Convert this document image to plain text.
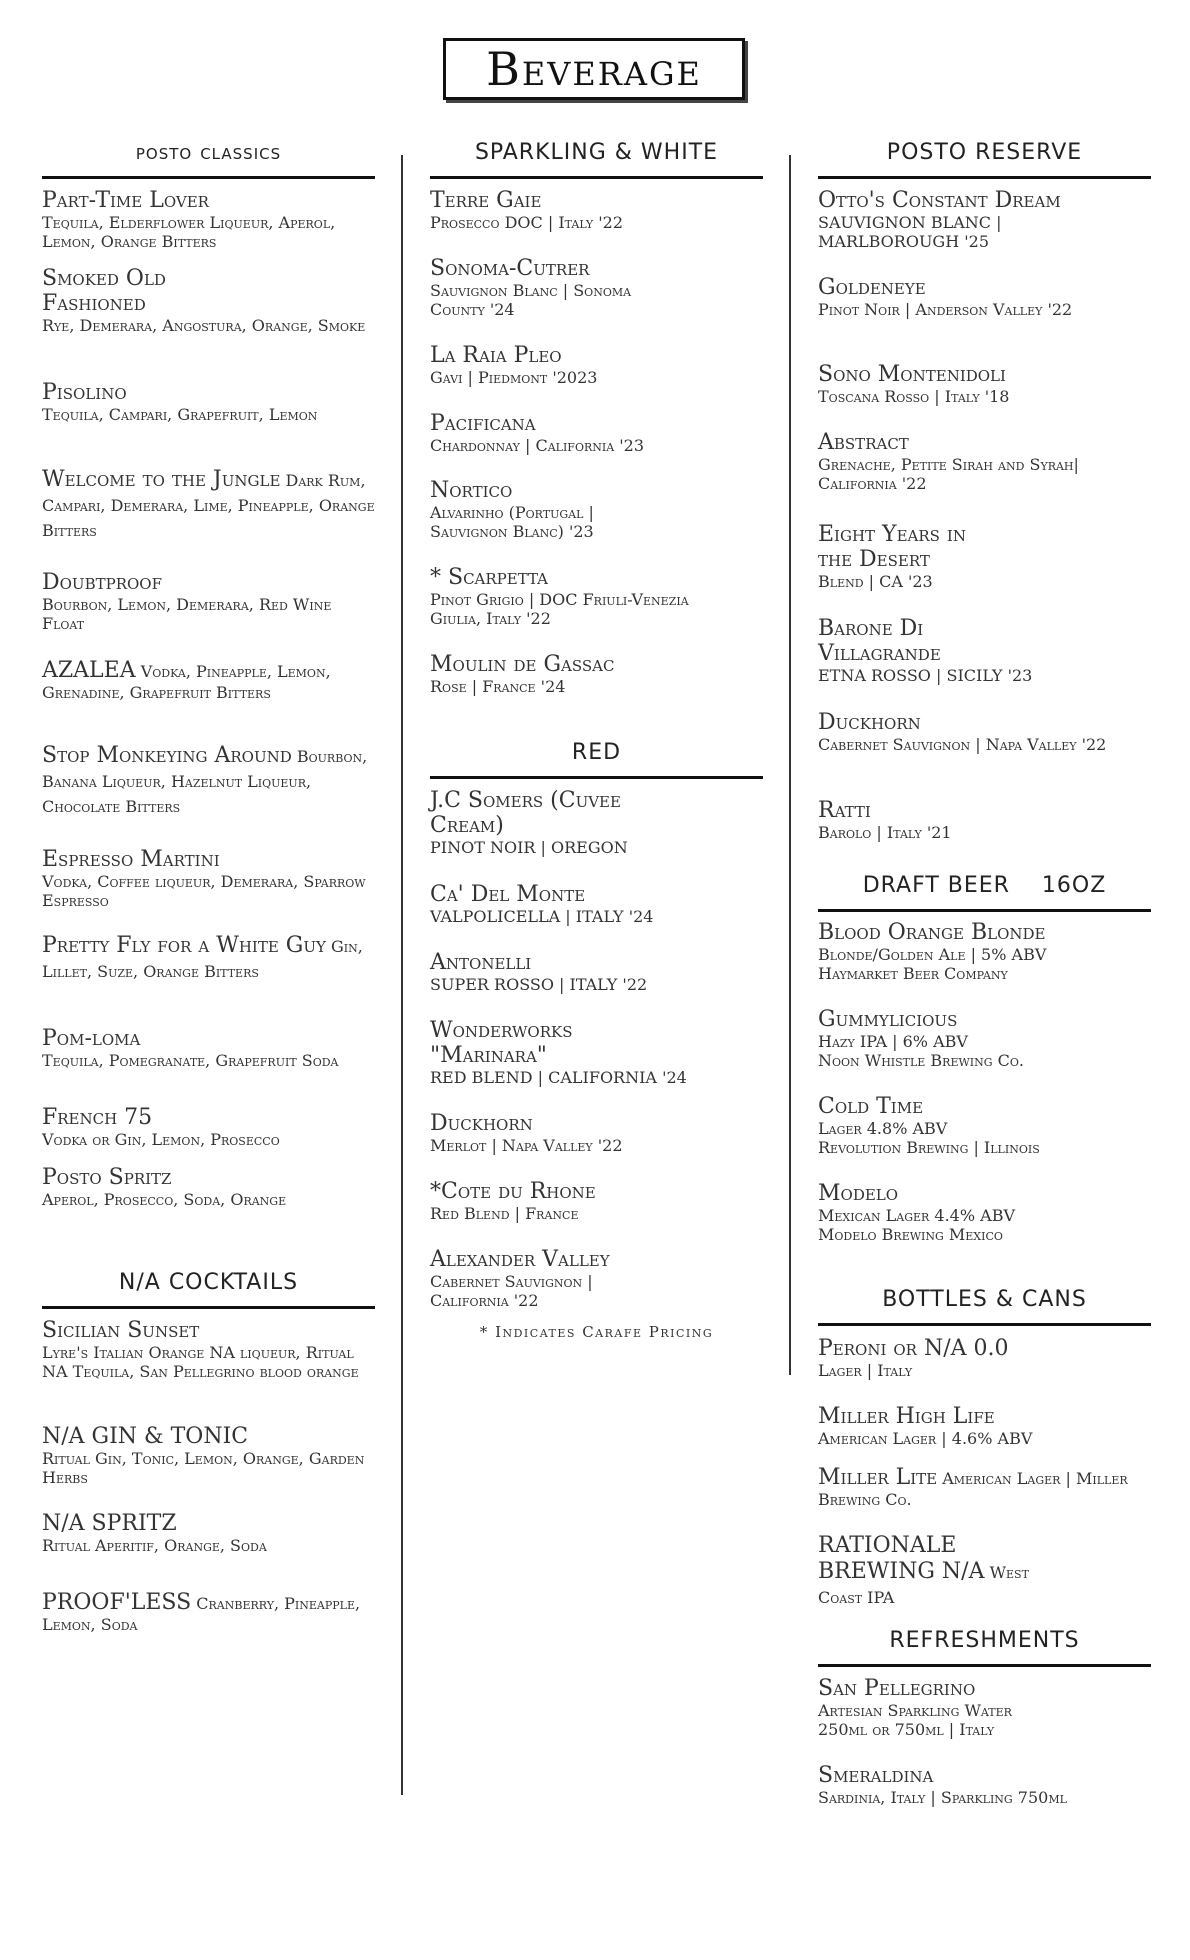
Beverage
posto classics
Part-Time Lover
Tequila, Elderflower Liqueur, Aperol, Lemon, Orange Bitters
Smoked Old Fashioned
Rye, Demerara, Angostura, Orange, Smoke
Pisolino
Tequila, Campari, Grapefruit, Lemon
Welcome to the Jungle Dark Rum, Campari, Demerara, Lime, Pineapple, Orange Bitters
Doubtproof
Bourbon, Lemon, Demerara, Red Wine Float
AZALEA Vodka, Pineapple, Lemon, Grenadine, Grapefruit Bitters
Stop Monkeying Around Bourbon, Banana Liqueur, Hazelnut Liqueur, Chocolate Bitters
Espresso Martini
Vodka, Coffee liqueur, Demerara, Sparrow Espresso
Pretty Fly for a White Guy Gin, Lillet, Suze, Orange Bitters
Pom-loma
Tequila, Pomegranate, Grapefruit Soda
French 75
Vodka or Gin, Lemon, Prosecco
Posto Spritz
Aperol, Prosecco, Soda, Orange
N/A COCKTAILS
Sicilian Sunset
Lyre's Italian Orange NA liqueur, Ritual NA Tequila, San Pellegrino blood orange
N/A GIN & TONIC
Ritual Gin, Tonic, Lemon, Orange, Garden Herbs
N/A SPRITZ
Ritual Aperitif, Orange, Soda
PROOF'LESS Cranberry, Pineapple, Lemon, Soda
SPARKLING & WHITE
Terre Gaie
Prosecco DOC | Italy '22
Sonoma-Cutrer
Sauvignon Blanc | Sonoma County '24
La Raia Pleo
Gavi | Piedmont '2023
Pacificana
Chardonnay | California '23
Nortico
Alvarinho (Portugal | Sauvignon Blanc) '23
* Scarpetta
Pinot Grigio | DOC Friuli-Venezia Giulia, Italy '22
Moulin de Gassac
Rose | France '24
RED
J.C Somers (Cuvee Cream)
PINOT NOIR | OREGON
Ca' Del Monte
VALPOLICELLA | ITALY '24
Antonelli
SUPER ROSSO | ITALY '22
Wonderworks "Marinara"
RED BLEND | CALIFORNIA '24
Duckhorn
Merlot | Napa Valley '22
*Cote du Rhone
Red Blend | France
Alexander Valley
Cabernet Sauvignon | California '22
* Indicates Carafe Pricing
POSTO RESERVE
Otto's Constant Dream
SAUVIGNON BLANC | MARLBOROUGH '25
Goldeneye
Pinot Noir | Anderson Valley '22
Sono Montenidoli
Toscana Rosso | Italy '18
Abstract
Grenache, Petite Sirah and Syrah| California '22
Eight Years in the Desert
Blend | CA '23
Barone Di Villagrande
ETNA ROSSO | SICILY '23
Duckhorn
Cabernet Sauvignon | Napa Valley '22
Ratti
Barolo | Italy '21
DRAFT BEER    16OZ
Blood Orange Blonde
Blonde/Golden Ale | 5% ABV
Haymarket Beer Company
Gummylicious
Hazy IPA | 6% ABV
Noon Whistle Brewing Co.
Cold Time
Lager 4.8% ABV
Revolution Brewing | Illinois
Modelo
Mexican Lager 4.4% ABV
Modelo Brewing Mexico
BOTTLES & CANS
Peroni or N/A 0.0
Lager | Italy
Miller High Life
American Lager | 4.6% ABV
Miller Lite American Lager | Miller Brewing Co.
RATIONALE BREWING N/A West Coast IPA
REFRESHMENTS
San Pellegrino
Artesian Sparkling Water
250ml or 750ml | Italy
Smeraldina
Sardinia, Italy | Sparkling 750ml
